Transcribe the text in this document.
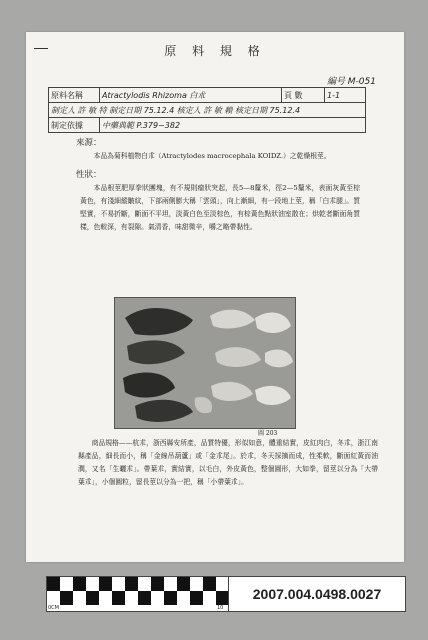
原 料 規 格
編号 M-051
原料名稱	Atractylodis Rhizoma 白朮	頁 數	1-1
制定人 許 敏 特 制定日期 75.12.4 核定人 許 敏 賴 核定日期 75.12.4			
制定依據	中藥典範 P.379~382		
來源：
本品為菊科植物白朮（Atractylodes macrocephala KOIDZ.）之乾燥根莖。
性狀：
本品根莖肥厚拳狀團塊，有不規則瘤狀突起，長5—8釐米，徑2—5釐米，表面灰黃至棕黃色，有淺細縱皺紋，下部兩側膨大稱「雲頭」，向上漸細，有一段地上莖，稱「白朮腿」。質堅實，不易折斷，斷面不平坦，淡黃白色至淡棕色，有棕黃色點狀油室散在；烘乾者斷面角質樣，色較深，有裂隙。氣清香，味甜微辛，嚼之略帶黏性。
圖 203
商品規格——杭朮，浙西縣安所產，品質特優，形似如意，體重結實，皮紅肉白，冬朮，浙江南縣產品，細長而小，稱「金線吊葫蘆」或「金朮尾」。於朮，冬天採摘而成，性柔軟，斷面紅黃而油潤，又名「生曬朮」。帶葉朮，實結實，以毛白，外皮黃色，整個圓形，大如拳，留莖以分為「大帶葉朮」，小個圓粒，留長莖以分為一把，稱「小帶葉朮」。
0CM	10
2007.004.0498.0027
